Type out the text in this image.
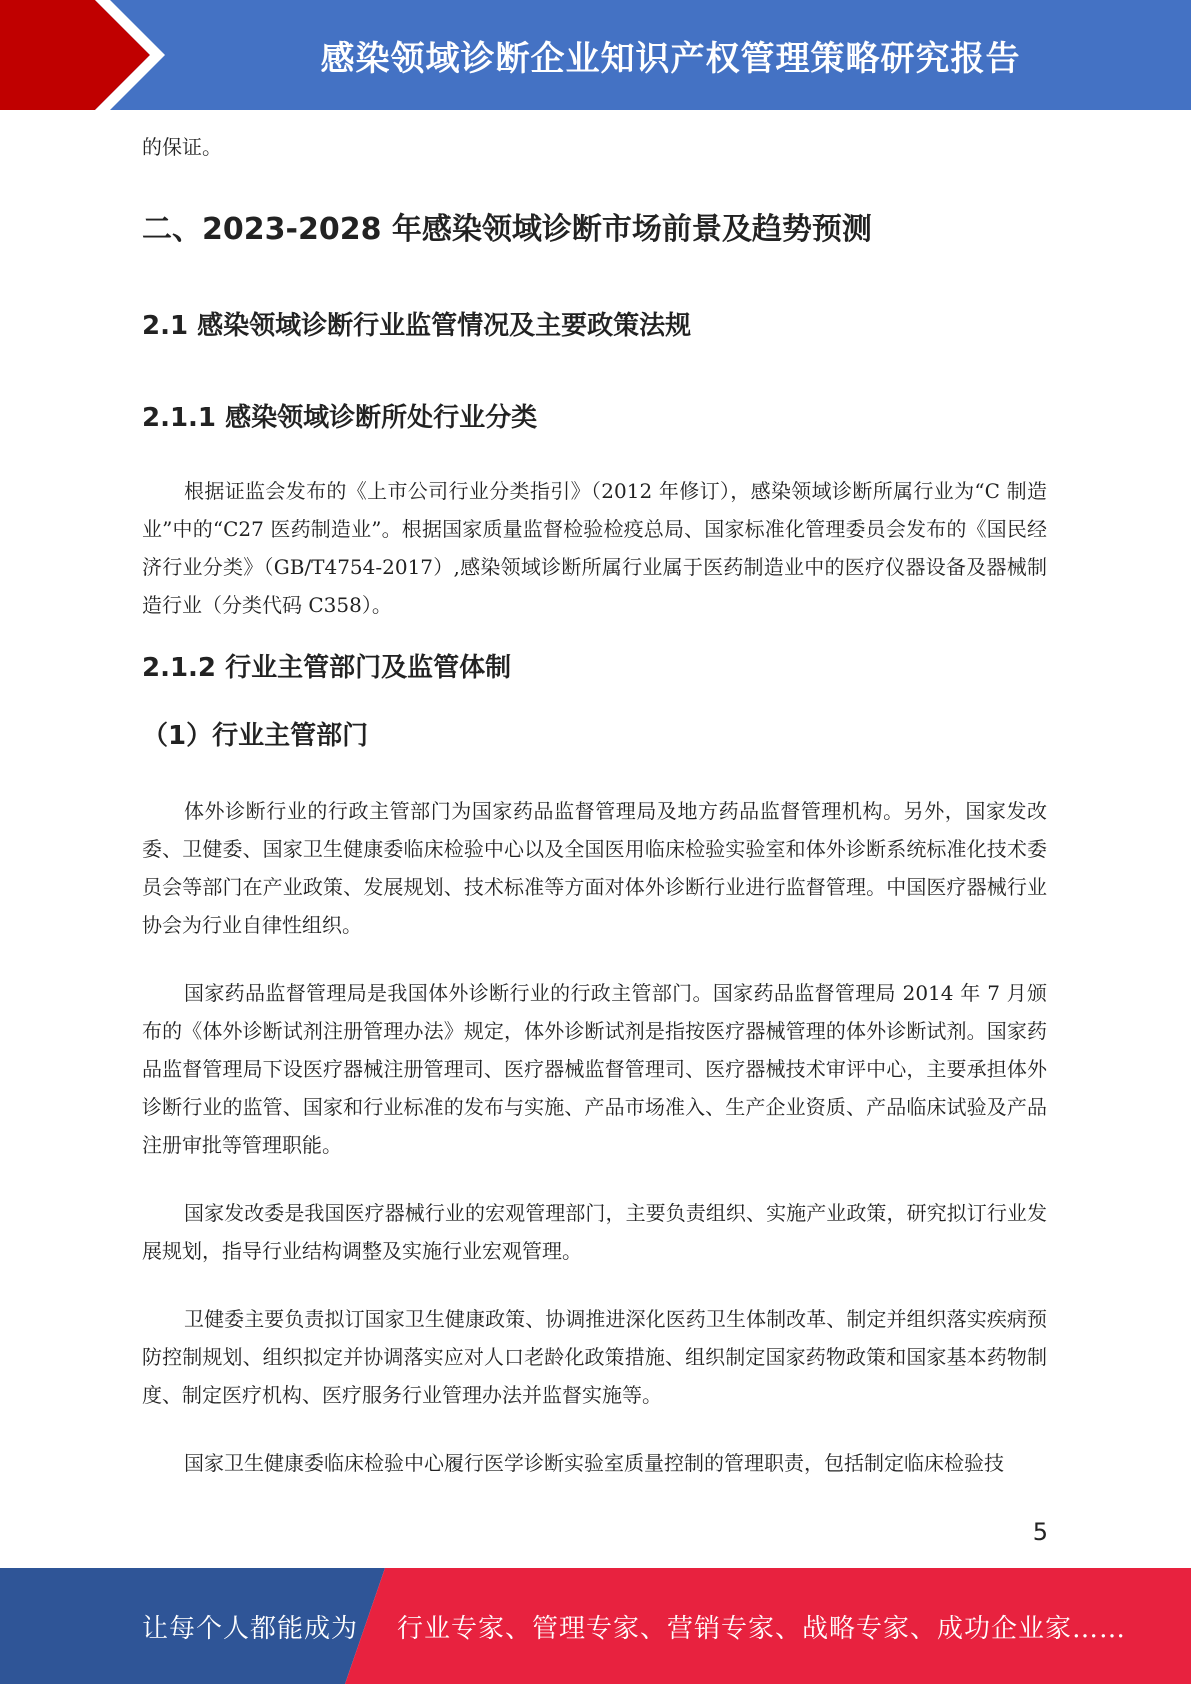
感染领域诊断企业知识产权管理策略研究报告

的保证。

二、2023-2028 年感染领域诊断市场前景及趋势预测
2.1 感染领域诊断行业监管情况及主要政策法规
2.1.1 感染领域诊断所处行业分类

根据证监会发布的《上市公司行业分类指引》（2012 年修订），感染领域诊断所属行业为“C 制造业”中的“C27 医药制造业”。根据国家质量监督检验检疫总局、国家标准化管理委员会发布的《国民经济行业分类》（GB/T4754-2017）,感染领域诊断所属行业属于医药制造业中的医疗仪器设备及器械制造行业（分类代码 C358）。

2.1.2 行业主管部门及监管体制
（1）行业主管部门

体外诊断行业的行政主管部门为国家药品监督管理局及地方药品监督管理机构。另外，国家发改委、卫健委、国家卫生健康委临床检验中心以及全国医用临床检验实验室和体外诊断系统标准化技术委员会等部门在产业政策、发展规划、技术标准等方面对体外诊断行业进行监督管理。中国医疗器械行业协会为行业自律性组织。

国家药品监督管理局是我国体外诊断行业的行政主管部门。国家药品监督管理局 2014 年 7 月颁布的《体外诊断试剂注册管理办法》规定，体外诊断试剂是指按医疗器械管理的体外诊断试剂。国家药品监督管理局下设医疗器械注册管理司、医疗器械监督管理司、医疗器械技术审评中心，主要承担体外诊断行业的监管、国家和行业标准的发布与实施、产品市场准入、生产企业资质、产品临床试验及产品注册审批等管理职能。

国家发改委是我国医疗器械行业的宏观管理部门，主要负责组织、实施产业政策，研究拟订行业发展规划，指导行业结构调整及实施行业宏观管理。

卫健委主要负责拟订国家卫生健康政策、协调推进深化医药卫生体制改革、制定并组织落实疾病预防控制规划、组织拟定并协调落实应对人口老龄化政策措施、组织制定国家药物政策和国家基本药物制度、制定医疗机构、医疗服务行业管理办法并监督实施等。

国家卫生健康委临床检验中心履行医学诊断实验室质量控制的管理职责，包括制定临床检验技

5
让每个人都能成为 行业专家、管理专家、营销专家、战略专家、成功企业家……
